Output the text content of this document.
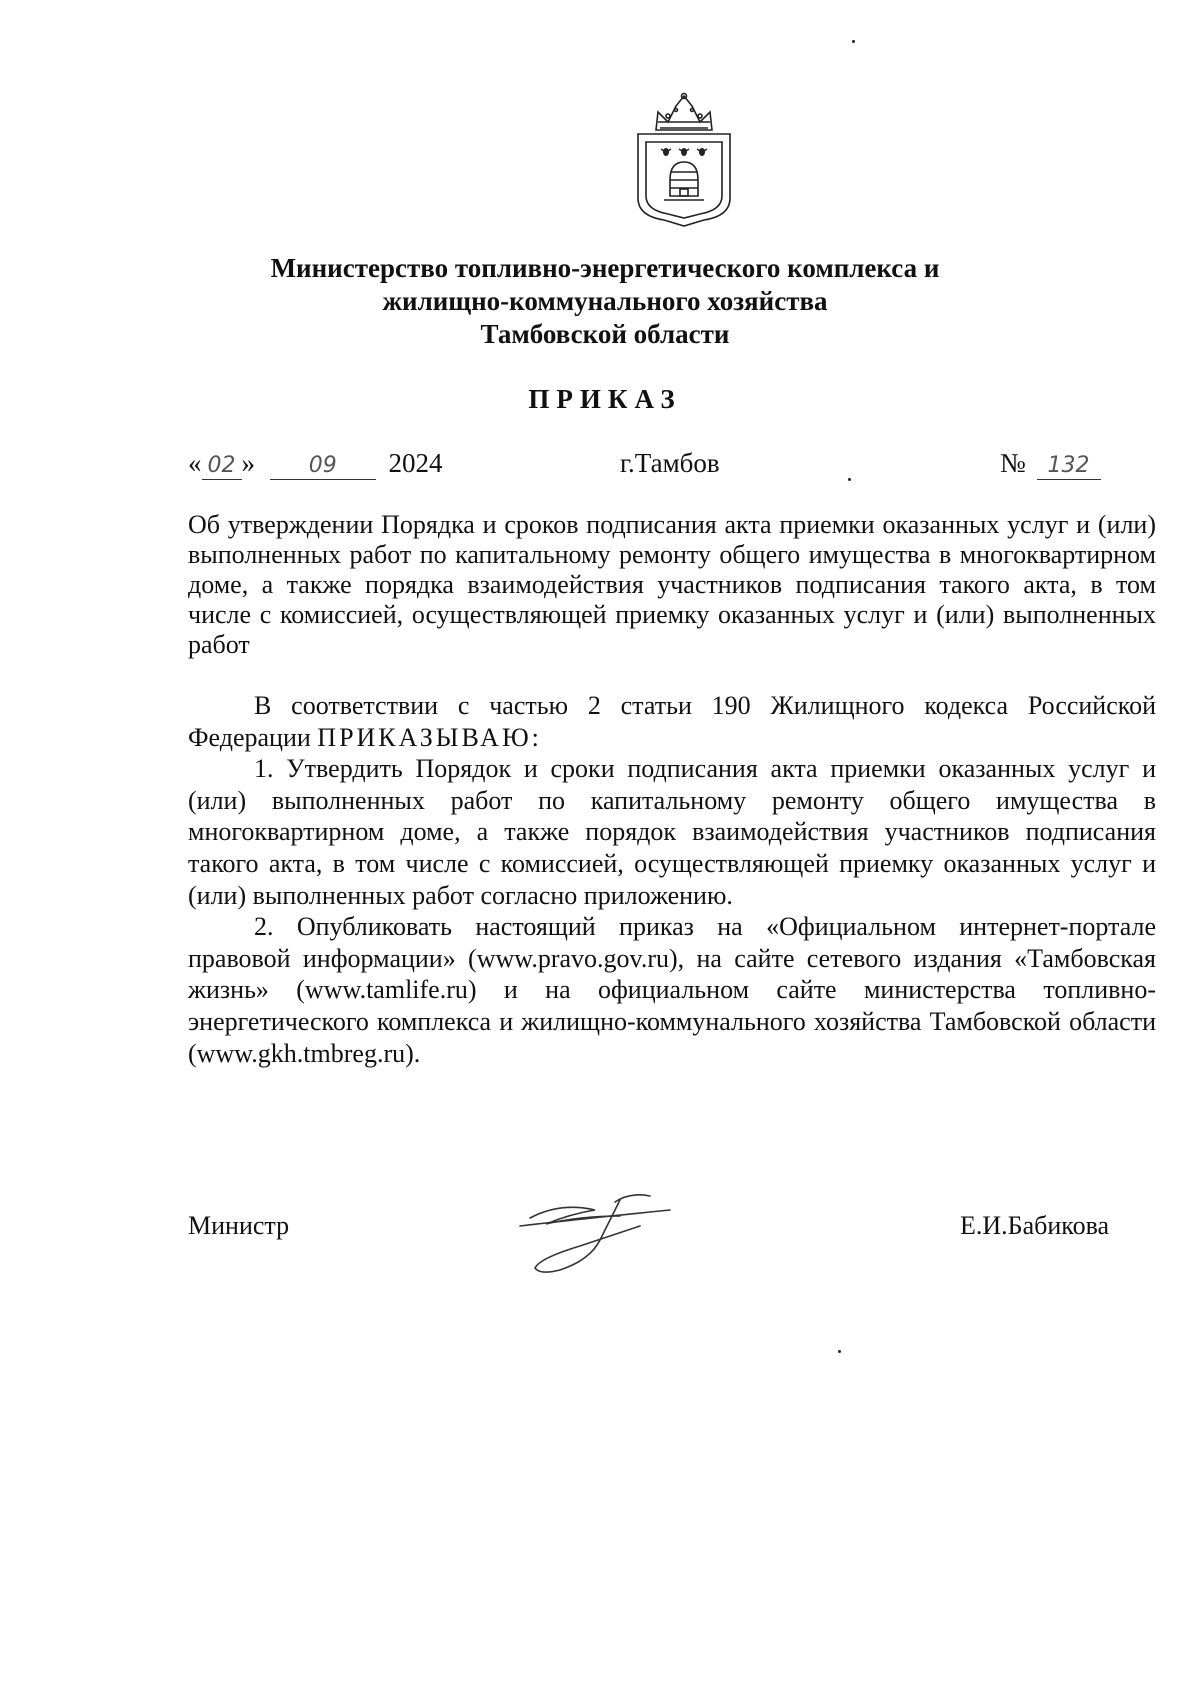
Министерство топливно-энергетического комплекса и
жилищно-коммунального хозяйства
Тамбовской области
ПРИКАЗ
« 02 » 09 2024	г.Тамбов	№ 132
Об утверждении Порядка и сроков подписания акта приемки оказанных услуг и (или) выполненных работ по капитальному ремонту общего имущества в многоквартирном доме, а также порядка взаимодействия участников подписания такого акта, в том числе с комиссией, осуществляющей приемку оказанных услуг и (или) выполненных работ

В соответствии с частью 2 статьи 190 Жилищного кодекса Российской Федерации ПРИКАЗЫВАЮ:

1. Утвердить Порядок и сроки подписания акта приемки оказанных услуг и (или) выполненных работ по капитальному ремонту общего имущества в многоквартирном доме, а также порядок взаимодействия участников подписания такого акта, в том числе с комиссией, осуществляющей приемку оказанных услуг и (или) выполненных работ согласно приложению.

2. Опубликовать настоящий приказ на «Официальном интернет-портале правовой информации» (www.pravo.gov.ru), на сайте сетевого издания «Тамбовская жизнь» (www.tamlife.ru) и на официальном сайте министерства топливно-энергетического комплекса и жилищно-коммунального хозяйства Тамбовской области (www.gkh.tmbreg.ru).

Министр	Е.И.Бабикова
